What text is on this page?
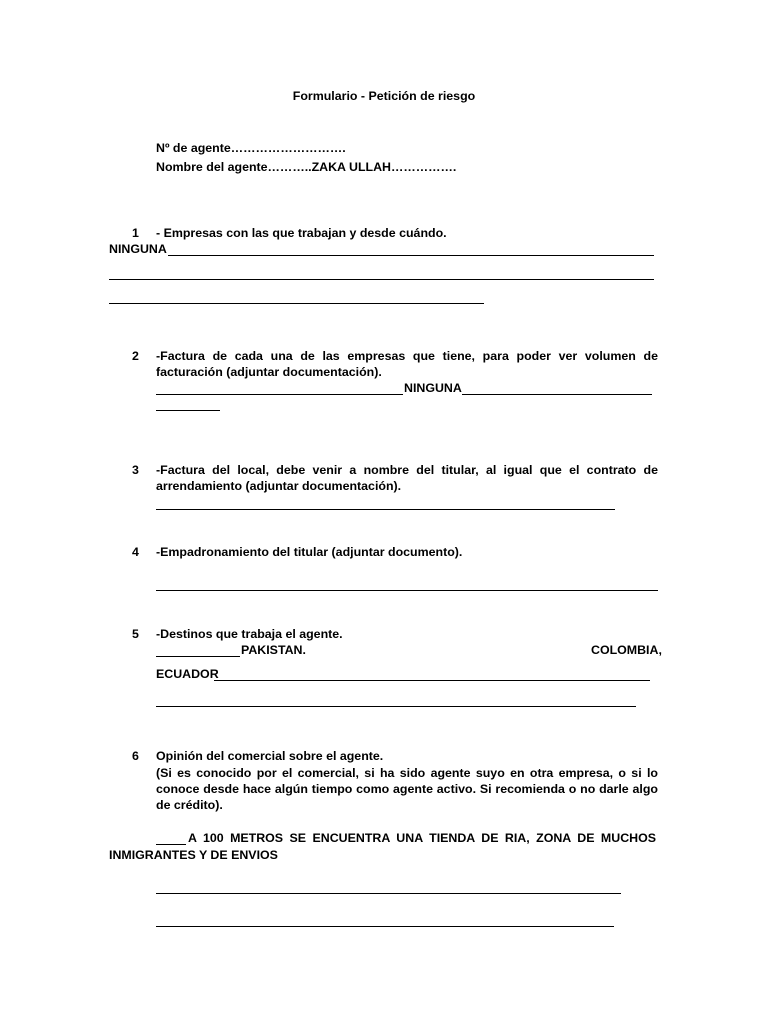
Formulario - Petición de riesgo
Nº de agente……………………….
Nombre del agente………..ZAKA ULLAH…………….
1 - Empresas con las que trabajan y desde cuándo.
NINGUNA
2 -Factura de cada una de las empresas que tiene, para poder ver volumen de
facturación (adjuntar documentación).
NINGUNA
3 -Factura del local, debe venir a nombre del titular, al igual que el contrato de
arrendamiento (adjuntar documentación).
4 -Empadronamiento del titular (adjuntar documento).
5 -Destinos que trabaja el agente.
PAKISTAN.	COLOMBIA,
ECUADOR
6 Opinión del comercial sobre el agente.
(Si es conocido por el comercial, si ha sido agente suyo en otra empresa, o si lo
conoce desde hace algún tiempo como agente activo. Si recomienda o no darle algo
de crédito).
A 100 METROS SE ENCUENTRA UNA TIENDA DE RIA, ZONA DE MUCHOS
INMIGRANTES Y DE ENVIOS
